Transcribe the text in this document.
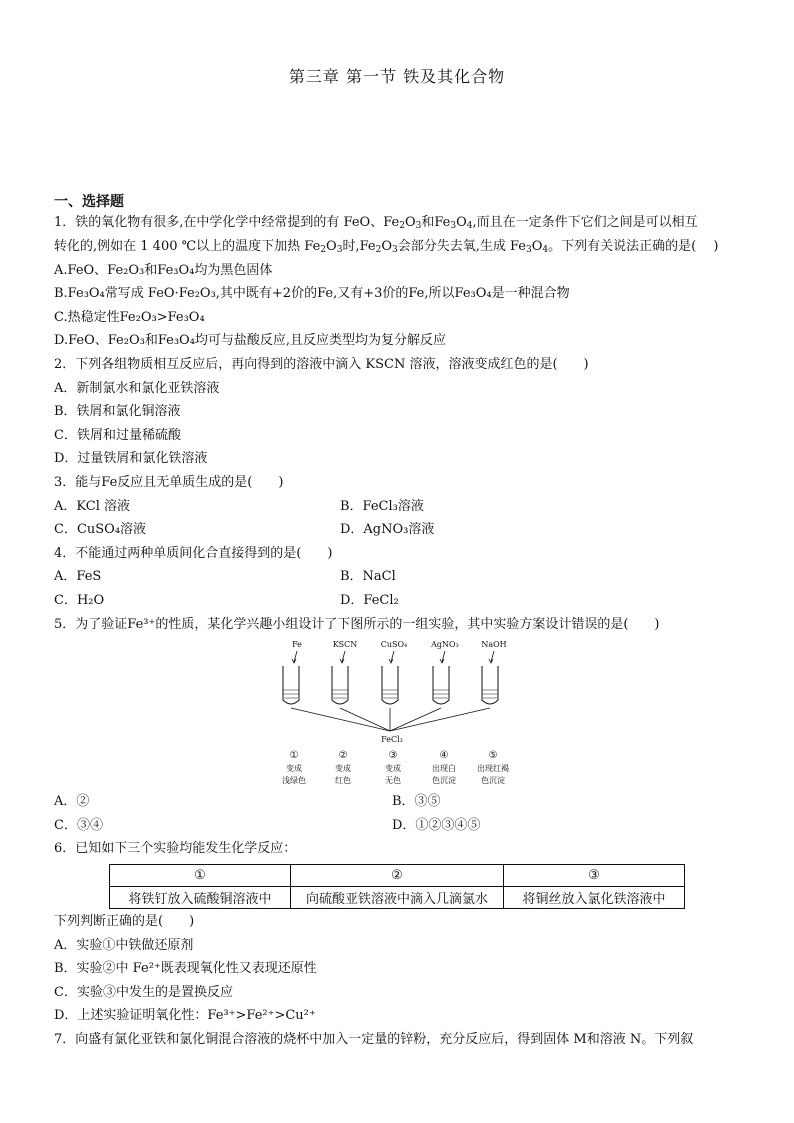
第三章 第一节 铁及其化合物
一、选择题
1．铁的氧化物有很多,在中学化学中经常提到的有 FeO、$Fe_2O_3$和$Fe_3O_4$,而且在一定条件下它们之间是可以相互
转化的,例如在 1 400 ℃以上的温度下加热 $Fe_2O_3$时$,Fe_2O_3$会部分失去氧,生成 $Fe_3O_4$。下列有关说法正确的是(　 )
A.FeO、Fe₂O₃和Fe₃O₄均为黑色固体
B.Fe₃O₄常写成 FeO·Fe₂O₃,其中既有+2价的Fe,又有+3价的Fe,所以Fe₃O₄是一种混合物
C.热稳定性Fe₂O₃>Fe₃O₄
D.FeO、Fe₂O₃和Fe₃O₄均可与盐酸反应,且反应类型均为复分解反应
2．下列各组物质相互反应后，再向得到的溶液中滴入 KSCN 溶液，溶液变成红色的是(　　)
A．新制氯水和氯化亚铁溶液
B．铁屑和氯化铜溶液
C．铁屑和过量稀硫酸
D．过量铁屑和氯化铁溶液
3．能与Fe反应且无单质生成的是(　　)
A．KCl 溶液	B．FeCl₃溶液
C．CuSO₄溶液	D．AgNO₃溶液
4．不能通过两种单质间化合直接得到的是(　　)
A．FeS	B．NaCl
C．H₂O	D．FeCl₂
5．为了验证Fe³⁺的性质，某化学兴趣小组设计了下图所示的一组实验，其中实验方案设计错误的是(　　)
Fe	KSCN	CuSO₄	AgNO₃	NaOH
FeCl₃
①	②	③	④	⑤
变成	变成	变成	出现白	出现红褐
浅绿色	红色	无色	色沉淀	色沉淀
A．②	B．③⑤
C．③④	D．①②③④⑤
6．已知如下三个实验均能发生化学反应：
①	②	③
将铁钉放入硫酸铜溶液中	向硫酸亚铁溶液中滴入几滴氯水	将铜丝放入氯化铁溶液中
下列判断正确的是(　　)
A．实验①中铁做还原剂
B．实验②中 Fe²⁺既表现氧化性又表现还原性
C．实验③中发生的是置换反应
D．上述实验证明氧化性：Fe³⁺>Fe²⁺>Cu²⁺
7．向盛有氯化亚铁和氯化铜混合溶液的烧杯中加入一定量的锌粉，充分反应后，得到固体 M和溶液 N。下列叙
